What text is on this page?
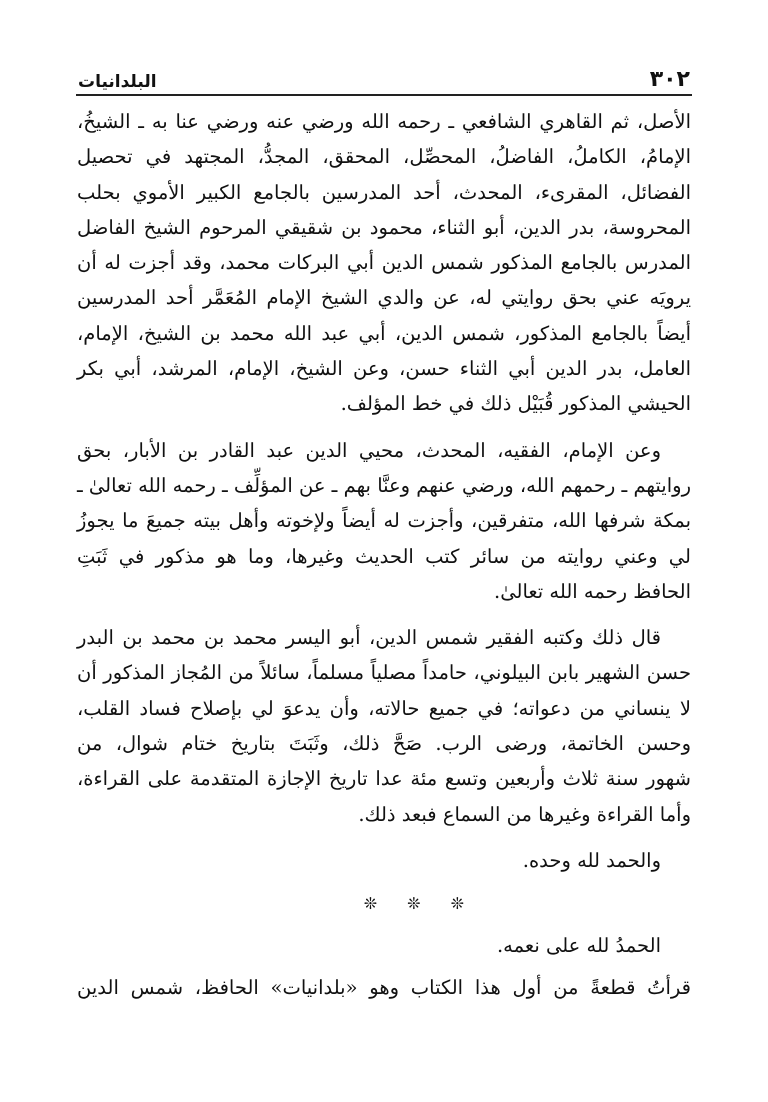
٣٠٢
البلدانيات

الأصل، ثم القاهري الشافعي ـ رحمه الله ورضي عنه ورضي عنا به ـ الشيخُ،
الإمامُ، الكاملُ، الفاضلُ، المحصِّل، المحقق، المجدُّ، المجتهد في تحصيل
الفضائل، المقرىء، المحدث، أحد المدرسين بالجامع الكبير الأموي بحلب
المحروسة، بدر الدين، أبو الثناء، محمود بن شقيقي المرحوم الشيخ الفاضل
المدرس بالجامع المذكور شمس الدين أبي البركات محمد، وقد أجزت له أن
يرويَه عني بحق روايتي له، عن والدي الشيخ الإمام المُعَمَّر أحد المدرسين
أيضاً بالجامع المذكور، شمس الدين، أبي عبد الله محمد بن الشيخ، الإمام،
العامل، بدر الدين أبي الثناء حسن، وعن الشيخ، الإمام، المرشد، أبي بكر
الحيشي المذكور قُبَيْل ذلك في خط المؤلف.

وعن الإمام، الفقيه، المحدث، محيي الدين عبد القادر بن الأبار، بحق
روايتهم ـ رحمهم الله، ورضي عنهم وعنَّا بهم ـ عن المؤلِّف ـ رحمه الله تعالىٰ ـ
بمكة شرفها الله، متفرقين، وأجزت له أيضاً ولإخوته وأهل بيته جميعَ ما يجوزُ
لي وعني روايته من سائر كتب الحديث وغيرها، وما هو مذكور في ثَبَتِ
الحافظ رحمه الله تعالىٰ.

قال ذلك وكتبه الفقير شمس الدين، أبو اليسر محمد بن محمد بن البدر
حسن الشهير بابن البيلوني، حامداً مصلياً مسلماً، سائلاً من المُجاز المذكور أن
لا ينساني من دعواته؛ في جميع حالاته، وأن يدعوَ لي بإصلاح فساد القلب،
وحسن الخاتمة، ورضى الرب. صَحَّ ذلك، وثَبَتَ بتاريخ ختام شوال، من
شهور سنة ثلاث وأربعين وتسع مئة عدا تاريخ الإجازة المتقدمة على القراءة،
وأما القراءة وغيرها من السماع فبعد ذلك.

والحمد لله وحده.

❊
❊
❊

الحمدُ لله على نعمه.
قرأتُ قطعةً من أول هذا الكتاب وهو «بلدانيات» الحافظ، شمس الدين
